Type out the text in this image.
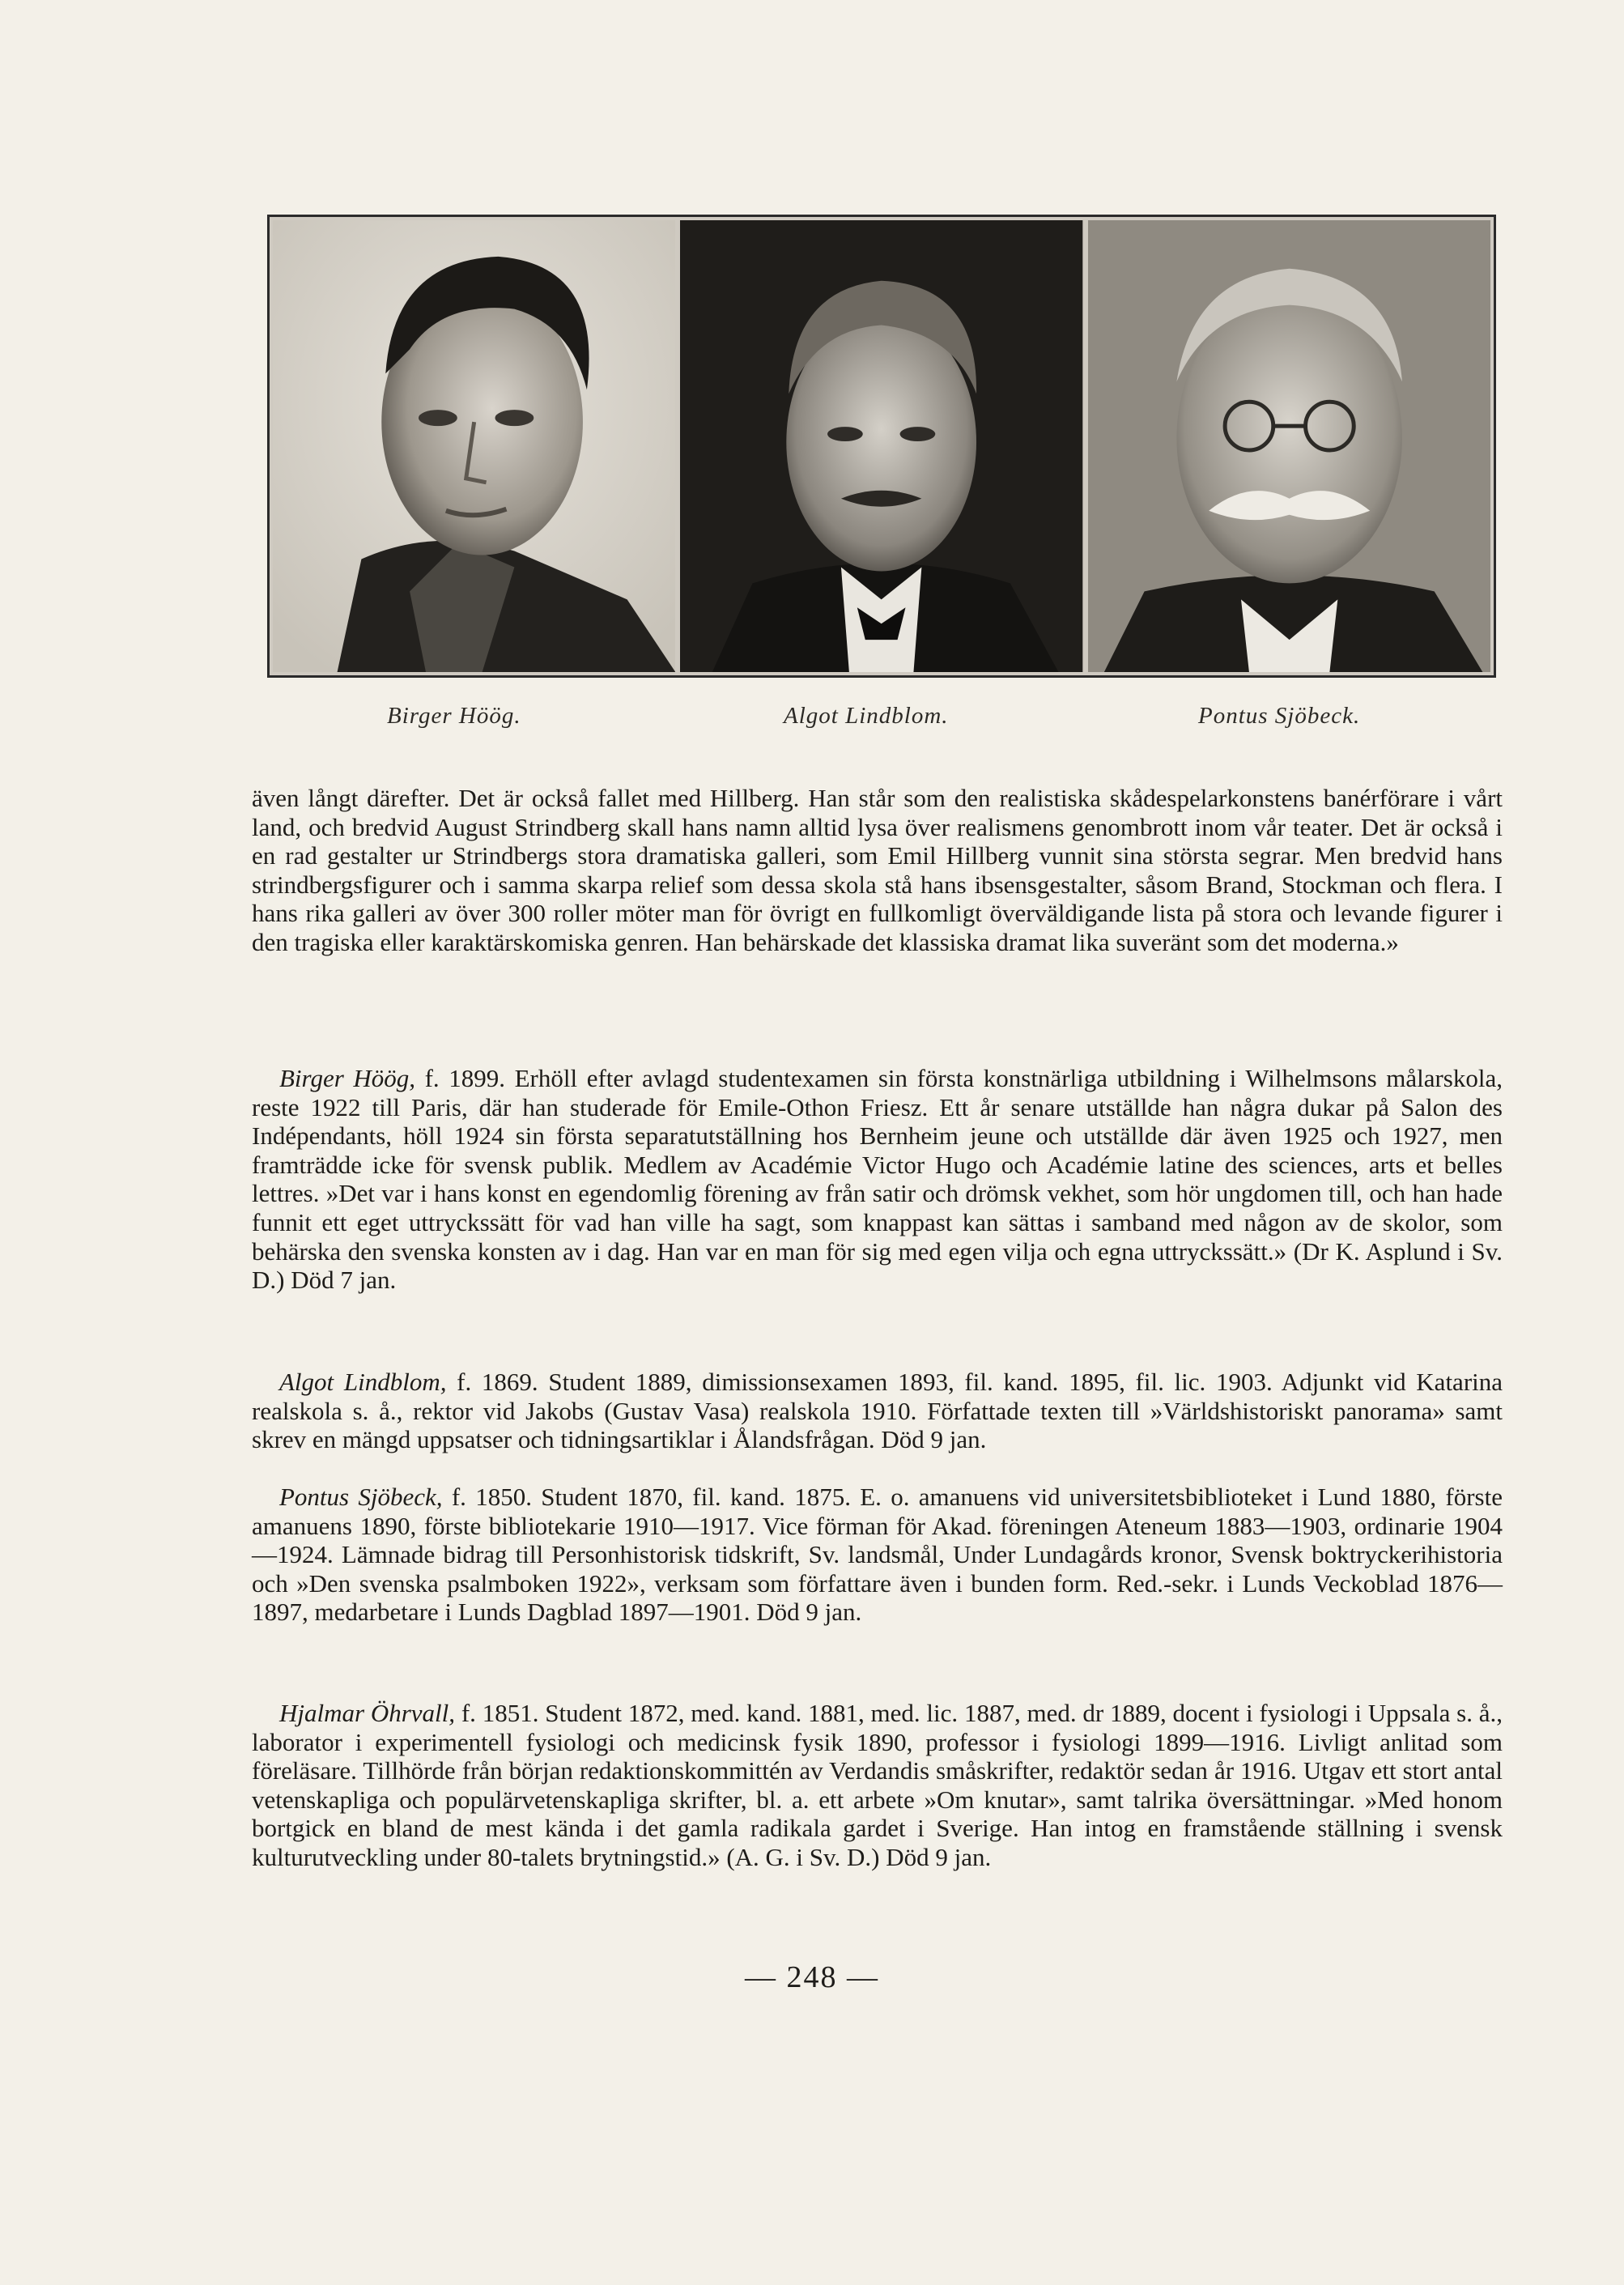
Birger Höög.	Algot Lindblom.	Pontus Sjöbeck.

även långt därefter. Det är också fallet med Hillberg. Han står som den realistiska skådespelarkonstens banérförare i vårt land, och bredvid August Strindberg skall hans namn alltid lysa över realismens genombrott inom vår teater. Det är också i en rad gestalter ur Strindbergs stora dramatiska galleri, som Emil Hillberg vunnit sina största segrar. Men bredvid hans strindbergsfigurer och i samma skarpa relief som dessa skola stå hans ibsensgestalter, såsom Brand, Stockman och flera. I hans rika galleri av över 300 roller möter man för övrigt en fullkomligt överväldigande lista på stora och levande figurer i den tragiska eller karaktärskomiska genren. Han behärskade det klassiska dramat lika suveränt som det moderna.»

Birger Höög, f. 1899. Erhöll efter avlagd studentexamen sin första konstnärliga utbildning i Wilhelmsons målarskola, reste 1922 till Paris, där han studerade för Emile-Othon Friesz. Ett år senare utställde han några dukar på Salon des Indépendants, höll 1924 sin första separatutställning hos Bernheim jeune och utställde där även 1925 och 1927, men framträdde icke för svensk publik. Medlem av Académie Victor Hugo och Académie latine des sciences, arts et belles lettres. »Det var i hans konst en egendomlig förening av från satir och drömsk vekhet, som hör ungdomen till, och han hade funnit ett eget uttryckssätt för vad han ville ha sagt, som knappast kan sättas i samband med någon av de skolor, som behärska den svenska konsten av i dag. Han var en man för sig med egen vilja och egna uttryckssätt.» (Dr K. Asplund i Sv. D.) Död 7 jan.

Algot Lindblom, f. 1869. Student 1889, dimissionsexamen 1893, fil. kand. 1895, fil. lic. 1903. Adjunkt vid Katarina realskola s. å., rektor vid Jakobs (Gustav Vasa) realskola 1910. Författade texten till »Världshistoriskt panorama» samt skrev en mängd uppsatser och tidningsartiklar i Ålandsfrågan. Död 9 jan.

Pontus Sjöbeck, f. 1850. Student 1870, fil. kand. 1875. E. o. amanuens vid universitetsbiblioteket i Lund 1880, förste amanuens 1890, förste bibliotekarie 1910—1917. Vice förman för Akad. föreningen Ateneum 1883—1903, ordinarie 1904—1924. Lämnade bidrag till Personhistorisk tidskrift, Sv. landsmål, Under Lundagårds kronor, Svensk boktryckerihistoria och »Den svenska psalmboken 1922», verksam som författare även i bunden form. Red.-sekr. i Lunds Veckoblad 1876—1897, medarbetare i Lunds Dagblad 1897—1901. Död 9 jan.

Hjalmar Öhrvall, f. 1851. Student 1872, med. kand. 1881, med. lic. 1887, med. dr 1889, docent i fysiologi i Uppsala s. å., laborator i experimentell fysiologi och medicinsk fysik 1890, professor i fysiologi 1899—1916. Livligt anlitad som föreläsare. Tillhörde från början redaktionskommittén av Verdandis småskrifter, redaktör sedan år 1916. Utgav ett stort antal vetenskapliga och populärvetenskapliga skrifter, bl. a. ett arbete »Om knutar», samt talrika översättningar. »Med honom bortgick en bland de mest kända i det gamla radikala gardet i Sverige. Han intog en framstående ställning i svensk kulturutveckling under 80-talets brytningstid.» (A. G. i Sv. D.) Död 9 jan.

— 248 —
